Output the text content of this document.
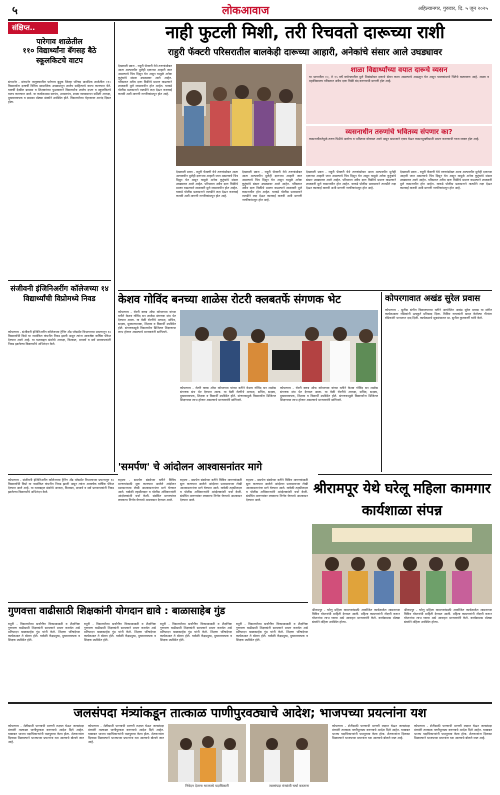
५	लोकआवाज	अहिल्यानगर, गुरुवार, दि. ५ जून २०२५
संक्षिप्त..
पारेगाव शाळेतील
११० विद्यार्थ्यांना बॅगसह बैठे स्कूलकिटचे वाटप
संगमनेर - संगमनेर तालुक्यातील पारेगाव बुद्रुक जिल्हा परिषद प्राथमिक शाळेतील ११० विद्यार्थ्यांना दरवर्षी विविध सामाजिक उपक्रमांतून शालेय साहित्याचे वाटप करण्यात येते. यावर्षी देखील ग्रामस्थ व शिक्षकांच्या पुढाकाराने विद्यार्थ्यांना शालेय दप्तर व स्कूलकिटचे वाटप करण्यात आले. या कार्यक्रमास सरपंच, उपसरपंच, शाळा व्यवस्थापन समिती अध्यक्ष, मुख्याध्यापक व ग्रामस्थ मोठ्या संख्येने उपस्थित होते. विद्यार्थ्यांच्या चेहऱ्यावर आनंद दिसत होता.
संजीवनी इंजिनिअरींग कॉलेजच्या १४ विद्यार्थ्यांची विप्रोमध्ये निवड
कोपरगाव - संजीवनी इंजिनिअरींग कॉलेजच्या ट्रेनिंग अँड प्लेसमेंट विभागाच्या प्रयत्नातून १४ विद्यार्थ्यांची विप्रो या नामांकित कंपनीत निवड झाली असून त्यांना आकर्षक वार्षिक पॅकेज देण्यात आले आहे. या यशाबद्दल संस्थेचे अध्यक्ष, विश्वस्त, प्राचार्य व सर्व प्राध्यापकांनी निवड झालेल्या विद्यार्थ्यांचे अभिनंदन केले.
नाही फुटली मिशी, तरी रिचवतो दारूच्या राशी
राहुरी फॅक्टरी परिसरातील बालकेही दारूच्या आहारी, अनेकांचे संसार आले उघड्यावर
देवळाली प्रवरा - राहुरी फॅक्टरी येथे तरुणांसोबत आता अल्पवयीन मुलेही दारूच्या आहारी जात असल्याचे चित्र दिसून येत असून यामुळे अनेक कुटुंबांचे संसार उघड्यावर आले आहेत. परिसरात अवैध दारू विक्रीचे प्रमाण वाढल्याने शाळकरी मुले व्यसनाधीन होत आहेत. याकडे पोलीस प्रशासनाने तातडीने लक्ष देऊन कारवाई करावी अशी मागणी नागरिकांमधून होत आहे.
देवळाली प्रवरा - राहुरी फॅक्टरी येथे तरुणांसोबत आता अल्पवयीन मुलेही दारूच्या आहारी जात असल्याचे चित्र दिसून येत असून यामुळे अनेक कुटुंबांचे संसार उघड्यावर आले आहेत. परिसरात अवैध दारू विक्रीचे प्रमाण वाढल्याने शाळकरी मुले व्यसनाधीन होत आहेत. याकडे पोलीस प्रशासनाने तातडीने लक्ष देऊन कारवाई करावी अशी मागणी नागरिकांमधून होत आहे.
देवळाली प्रवरा - राहुरी फॅक्टरी येथे तरुणांसोबत आता अल्पवयीन मुलेही दारूच्या आहारी जात असल्याचे चित्र दिसून येत असून यामुळे अनेक कुटुंबांचे संसार उघड्यावर आले आहेत. परिसरात अवैध दारू विक्रीचे प्रमाण वाढल्याने शाळकरी मुले व्यसनाधीन होत आहेत. याकडे पोलीस प्रशासनाने तातडीने लक्ष देऊन कारवाई करावी अशी मागणी नागरिकांमधून होत आहे.
शाळा विद्यार्थ्यांच्या वयात दारूचे व्यसन
या भागातील १०, ते १५ वर्षे वयोगटातील मुले मित्रांसोबत दारूचे सेवन करत असल्याचे आढळून येत असून पालकांमध्ये चिंतेचे वातावरण आहे. शाळा व महाविद्यालय परिसरात अवैध दारू विक्री बंद करण्याची मागणी होत आहे.
व्यसनाधीन तरुणांचे भवितव्य संपणार का?
व्यसनाधीनतेमुळे तरुण पिढीचे आरोग्य व भवितव्य धोक्यात आले असून समाजाने एकत्र येऊन व्यसनमुक्तीसाठी प्रयत्न करण्याची गरज व्यक्त होत आहे.
देवळाली प्रवरा - राहुरी फॅक्टरी येथे तरुणांसोबत आता अल्पवयीन मुलेही दारूच्या आहारी जात असल्याचे चित्र दिसून येत असून यामुळे अनेक कुटुंबांचे संसार उघड्यावर आले आहेत. परिसरात अवैध दारू विक्रीचे प्रमाण वाढल्याने शाळकरी मुले व्यसनाधीन होत आहेत. याकडे पोलीस प्रशासनाने तातडीने लक्ष देऊन कारवाई करावी अशी मागणी नागरिकांमधून होत आहे.
देवळाली प्रवरा - राहुरी फॅक्टरी येथे तरुणांसोबत आता अल्पवयीन मुलेही दारूच्या आहारी जात असल्याचे चित्र दिसून येत असून यामुळे अनेक कुटुंबांचे संसार उघड्यावर आले आहेत. परिसरात अवैध दारू विक्रीचे प्रमाण वाढल्याने शाळकरी मुले व्यसनाधीन होत आहेत. याकडे पोलीस प्रशासनाने तातडीने लक्ष देऊन कारवाई करावी अशी मागणी नागरिकांमधून होत आहे.
केशव गोविंद बनच्या शाळेस रोटरी क्लबतर्फे संगणक भेट
कोपरगाव - रोटरी क्लब ऑफ कोपरगाव यांच्या वतीने केशव गोविंद बन शाळेस संगणक संच भेट देण्यात आला. या वेळी रोटरीचे अध्यक्ष, सचिव, सदस्य, मुख्याध्यापक, शिक्षक व विद्यार्थी उपस्थित होते. संगणकामुळे विद्यार्थ्यांना डिजिटल शिक्षणाचा लाभ होणार असल्याचे मान्यवरांनी सांगितले.
कोपरगाव - रोटरी क्लब ऑफ कोपरगाव यांच्या वतीने केशव गोविंद बन शाळेस संगणक संच भेट देण्यात आला. या वेळी रोटरीचे अध्यक्ष, सचिव, सदस्य, मुख्याध्यापक, शिक्षक व विद्यार्थी उपस्थित होते. संगणकामुळे विद्यार्थ्यांना डिजिटल शिक्षणाचा लाभ होणार असल्याचे मान्यवरांनी सांगितले.
कोपरगाव - रोटरी क्लब ऑफ कोपरगाव यांच्या वतीने केशव गोविंद बन शाळेस संगणक संच भेट देण्यात आला. या वेळी रोटरीचे अध्यक्ष, सचिव, सदस्य, मुख्याध्यापक, शिक्षक व विद्यार्थी उपस्थित होते. संगणकामुळे विद्यार्थ्यांना डिजिटल शिक्षणाचा लाभ होणार असल्याचे मान्यवरांनी सांगितले.
कोपरगावात अखंड सुरेल प्रवास
कोपरगाव - श्रुतीस संगीत विद्यालयाच्या वतीने आयोजित अखंड सुरेल प्रवास या संगीत कार्यक्रमाला रसिकांनी उत्स्फूर्त प्रतिसाद दिला. विविध गायकांनी सादर केलेल्या गीतांना रसिकांनी भरभरून दाद दिली. कार्यक्रमाचे सूत्रसंचालन प्रा. सुनील कुलकर्णी यांनी केले.
'समर्पण' चे आंदोलन आश्वासनांतर मागे
राहाता - समर्पण संस्थेच्या वतीने विविध मागण्यांसाठी सुरू करण्यात आलेले आंदोलन प्रशासनाच्या लेखी आश्वासनानंतर मागे घेण्यात आले. यावेळी तहसीलदार व पोलीस अधिकाऱ्यांनी आंदोलकांशी चर्चा केली. संबंधित मागण्यांवर लवकरच निर्णय घेण्याचे आश्वासन देण्यात आले.
राहाता - समर्पण संस्थेच्या वतीने विविध मागण्यांसाठी सुरू करण्यात आलेले आंदोलन प्रशासनाच्या लेखी आश्वासनानंतर मागे घेण्यात आले. यावेळी तहसीलदार व पोलीस अधिकाऱ्यांनी आंदोलकांशी चर्चा केली. संबंधित मागण्यांवर लवकरच निर्णय घेण्याचे आश्वासन देण्यात आले.
राहाता - समर्पण संस्थेच्या वतीने विविध मागण्यांसाठी सुरू करण्यात आलेले आंदोलन प्रशासनाच्या लेखी आश्वासनानंतर मागे घेण्यात आले. यावेळी तहसीलदार व पोलीस अधिकाऱ्यांनी आंदोलकांशी चर्चा केली. संबंधित मागण्यांवर लवकरच निर्णय घेण्याचे आश्वासन देण्यात आले.
श्रीरामपूर येथे घरेलू महिला कामगार कार्यशाळा संपन्न
श्रीरामपूर - घरेलू महिला कामगारांसाठी आयोजित कार्यशाळेत शासनाच्या विविध योजनांची माहिती देण्यात आली. महिला कामगारांनी नोंदणी करून योजनांचा लाभ घ्यावा असे आवाहन मान्यवरांनी केले. कार्यक्रमास मोठ्या संख्येने महिला उपस्थित होत्या.
श्रीरामपूर - घरेलू महिला कामगारांसाठी आयोजित कार्यशाळेत शासनाच्या विविध योजनांची माहिती देण्यात आली. महिला कामगारांनी नोंदणी करून योजनांचा लाभ घ्यावा असे आवाहन मान्यवरांनी केले. कार्यक्रमास मोठ्या संख्येने महिला उपस्थित होत्या.
गुणवत्ता वाढीसाठी शिक्षकांनी योगदान द्यावे : बाळासाहेब गुंड
राहुरी - विद्यार्थ्यांच्या सर्वांगीण विकासासाठी व शैक्षणिक गुणवत्ता वाढीसाठी शिक्षकांनी सातत्याने प्रयत्न करावेत असे प्रतिपादन बाळासाहेब गुंड यांनी केले. शिक्षण परिषदेच्या कार्यक्रमात ते बोलत होते. यावेळी केंद्रप्रमुख, मुख्याध्यापक व शिक्षक उपस्थित होते.
राहुरी - विद्यार्थ्यांच्या सर्वांगीण विकासासाठी व शैक्षणिक गुणवत्ता वाढीसाठी शिक्षकांनी सातत्याने प्रयत्न करावेत असे प्रतिपादन बाळासाहेब गुंड यांनी केले. शिक्षण परिषदेच्या कार्यक्रमात ते बोलत होते. यावेळी केंद्रप्रमुख, मुख्याध्यापक व शिक्षक उपस्थित होते.
राहुरी - विद्यार्थ्यांच्या सर्वांगीण विकासासाठी व शैक्षणिक गुणवत्ता वाढीसाठी शिक्षकांनी सातत्याने प्रयत्न करावेत असे प्रतिपादन बाळासाहेब गुंड यांनी केले. शिक्षण परिषदेच्या कार्यक्रमात ते बोलत होते. यावेळी केंद्रप्रमुख, मुख्याध्यापक व शिक्षक उपस्थित होते.
राहुरी - विद्यार्थ्यांच्या सर्वांगीण विकासासाठी व शैक्षणिक गुणवत्ता वाढीसाठी शिक्षकांनी सातत्याने प्रयत्न करावेत असे प्रतिपादन बाळासाहेब गुंड यांनी केले. शिक्षण परिषदेच्या कार्यक्रमात ते बोलत होते. यावेळी केंद्रप्रमुख, मुख्याध्यापक व शिक्षक उपस्थित होते.
कोपरगाव - संजीवनी इंजिनिअरींग कॉलेजच्या ट्रेनिंग अँड प्लेसमेंट विभागाच्या प्रयत्नातून १४ विद्यार्थ्यांची विप्रो या नामांकित कंपनीत निवड झाली असून त्यांना आकर्षक वार्षिक पॅकेज देण्यात आले आहे. या यशाबद्दल संस्थेचे अध्यक्ष, विश्वस्त, प्राचार्य व सर्व प्राध्यापकांनी निवड झालेल्या विद्यार्थ्यांचे अभिनंदन केले.
जलसंपदा मंत्र्यांकडून तात्काळ पाणीपुरवठ्याचे आदेश; भाजपच्या प्रयत्नांना यश
कोपरगाव - शेतीसाठी पाण्याची मागणी लक्षात घेऊन जलसंपदा मंत्र्यांनी तात्काळ पाणीपुरवठा करण्याचे आदेश दिले आहेत. याबाबत भाजप पदाधिकाऱ्यांनी पाठपुरावा केला होता. शेतकऱ्यांना दिलासा मिळाल्याने भाजपच्या प्रयत्नांना यश आल्याचे बोलले जात आहे.
कोपरगाव - शेतीसाठी पाण्याची मागणी लक्षात घेऊन जलसंपदा मंत्र्यांनी तात्काळ पाणीपुरवठा करण्याचे आदेश दिले आहेत. याबाबत भाजप पदाधिकाऱ्यांनी पाठपुरावा केला होता. शेतकऱ्यांना दिलासा मिळाल्याने भाजपच्या प्रयत्नांना यश आल्याचे बोलले जात आहे.
निवेदन देताना भाजपचे पदाधिकारी	जलसंपदा मंत्र्यांशी चर्चा करताना
कोपरगाव - शेतीसाठी पाण्याची मागणी लक्षात घेऊन जलसंपदा मंत्र्यांनी तात्काळ पाणीपुरवठा करण्याचे आदेश दिले आहेत. याबाबत भाजप पदाधिकाऱ्यांनी पाठपुरावा केला होता. शेतकऱ्यांना दिलासा मिळाल्याने भाजपच्या प्रयत्नांना यश आल्याचे बोलले जात आहे.
कोपरगाव - शेतीसाठी पाण्याची मागणी लक्षात घेऊन जलसंपदा मंत्र्यांनी तात्काळ पाणीपुरवठा करण्याचे आदेश दिले आहेत. याबाबत भाजप पदाधिकाऱ्यांनी पाठपुरावा केला होता. शेतकऱ्यांना दिलासा मिळाल्याने भाजपच्या प्रयत्नांना यश आल्याचे बोलले जात आहे.
